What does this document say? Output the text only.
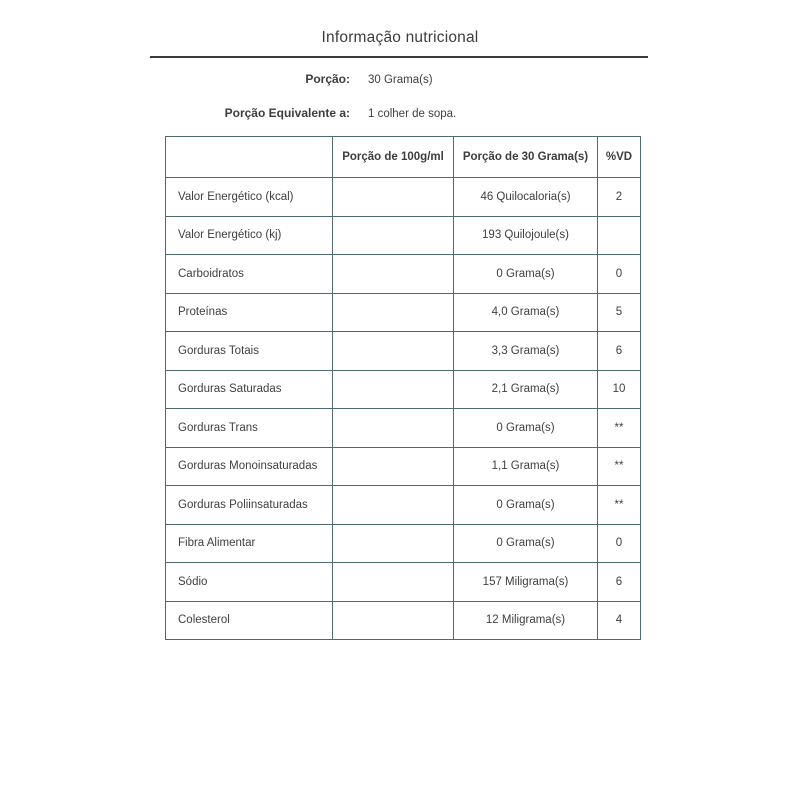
Informação nutricional
Porção: 30 Grama(s)
Porção Equivalente a: 1 colher de sopa.
	Porção de 100g/ml	Porção de 30 Grama(s)	%VD
Valor Energético (kcal)		46 Quilocaloria(s)	2
Valor Energético (kj)		193 Quilojoule(s)	
Carboidratos		0 Grama(s)	0
Proteínas		4,0 Grama(s)	5
Gorduras Totais		3,3 Grama(s)	6
Gorduras Saturadas		2,1 Grama(s)	10
Gorduras Trans		0 Grama(s)	**
Gorduras Monoinsaturadas		1,1 Grama(s)	**
Gorduras Poliinsaturadas		0 Grama(s)	**
Fibra Alimentar		0 Grama(s)	0
Sódio		157 Miligrama(s)	6
Colesterol		12 Miligrama(s)	4
